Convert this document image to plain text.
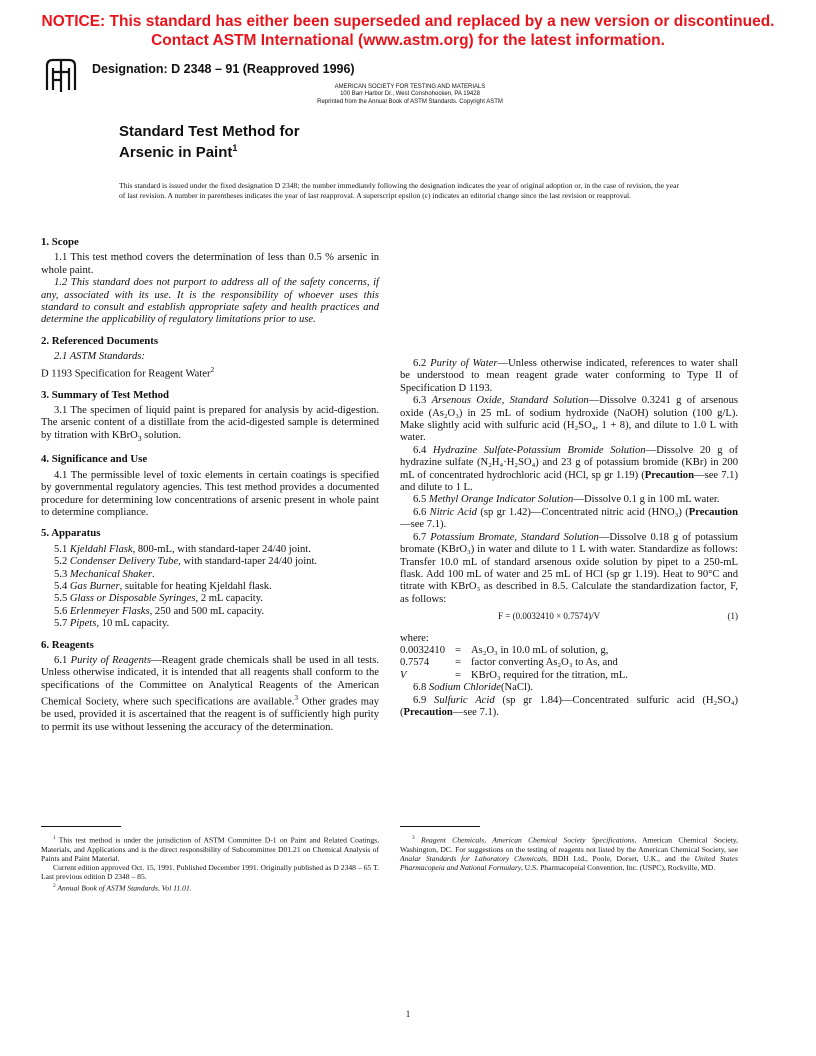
NOTICE: This standard has either been superseded and replaced by a new version or discontinued.
Contact ASTM International (www.astm.org) for the latest information.
Designation: D 2348 – 91 (Reapproved 1996)
AMERICAN SOCIETY FOR TESTING AND MATERIALS
100 Barr Harbor Dr., West Conshohocken, PA 19428
Reprinted from the Annual Book of ASTM Standards. Copyright ASTM
Standard Test Method for
Arsenic in Paint$^1$
This standard is issued under the fixed designation D 2348; the number immediately following the designation indicates the year of original adoption or, in the case of revision, the year of last revision. A number in parentheses indicates the year of last reapproval. A superscript epsilon (ε) indicates an editorial change since the last revision or reapproval.
1. Scope

1.1 This test method covers the determination of less than 0.5 % arsenic in whole paint.

1.2 This standard does not purport to address all of the safety concerns, if any, associated with its use. It is the responsibility of whoever uses this standard to consult and establish appropriate safety and health practices and determine the applicability of regulatory limitations prior to use.

2. Referenced Documents

2.1 ASTM Standards:

D 1193 Specification for Reagent Water$^2$

3. Summary of Test Method

3.1 The specimen of liquid paint is prepared for analysis by acid-digestion. The arsenic content of a distillate from the acid-digested sample is determined by titration with KBrO$_3$ solution.

4. Significance and Use

4.1 The permissible level of toxic elements in certain coatings is specified by governmental regulatory agencies. This test method provides a documented procedure for determining low concentrations of arsenic present in whole paint to determine compliance.

5. Apparatus

5.1 Kjeldahl Flask, 800-mL, with standard-taper 24/40 joint.

5.2 Condenser Delivery Tube, with standard-taper 24/40 joint.

5.3 Mechanical Shaker.

5.4 Gas Burner, suitable for heating Kjeldahl flask.

5.5 Glass or Disposable Syringes, 2 mL capacity.

5.6 Erlenmeyer Flasks, 250 and 500 mL capacity.

5.7 Pipets, 10 mL capacity.

6. Reagents

6.1 Purity of Reagents—Reagent grade chemicals shall be used in all tests. Unless otherwise indicated, it is intended that all reagents shall conform to the specifications of the Committee on Analytical Reagents of the American Chemical Society, where such specifications are available.$^3$ Other grades may be used, provided it is ascertained that the reagent is of sufficiently high purity to permit its use without lessening the accuracy of the determination.

6.2 Purity of Water—Unless otherwise indicated, references to water shall be understood to mean reagent grade water conforming to Type II of Specification D 1193.

6.3 Arsenous Oxide, Standard Solution—Dissolve 0.3241 g of arsenous oxide (As₂O₃) in 25 mL of sodium hydroxide (NaOH) solution (100 g/L). Make slightly acid with sulfuric acid (H₂SO₄, 1 + 8), and dilute to 1.0 L with water.

6.4 Hydrazine Sulfate-Potassium Bromide Solution—Dissolve 20 g of hydrazine sulfate (N₂H₄·H₂SO₄) and 23 g of potassium bromide (KBr) in 200 mL of concentrated hydrochloric acid (HCl, sp gr 1.19) (Precaution—see 7.1) and dilute to 1 L.

6.5 Methyl Orange Indicator Solution—Dissolve 0.1 g in 100 mL water.

6.6 Nitric Acid (sp gr 1.42)—Concentrated nitric acid (HNO₃) (Precaution—see 7.1).

6.7 Potassium Bromate, Standard Solution—Dissolve 0.18 g of potassium bromate (KBrO₃) in water and dilute to 1 L with water. Standardize as follows: Transfer 10.0 mL of standard arsenous oxide solution by pipet to a 250-mL flask. Add 100 mL of water and 25 mL of HCl (sp gr 1.19). Heat to 90°C and titrate with KBrO₃ as described in 8.5. Calculate the standardization factor, F, as follows:

F = (0.0032410 × 0.7574)/V	(1)
where:
0.0032410 = As₂O₃ in 10.0 mL of solution, g,
0.7574	= factor converting As₂O₃ to As, and
V	= KBrO₃ required for the titration, mL.

6.8 Sodium Chloride(NaCl).

6.9 Sulfuric Acid (sp gr 1.84)—Concentrated sulfuric acid (H₂SO₄) (Precaution—see 7.1).

$^1$ This test method is under the jurisdiction of ASTM Committee D-1 on Paint and Related Coatings, Materials, and Applications and is the direct responsibility of Subcommittee D01.21 on Chemical Analysis of Paints and Paint Material.

Current edition approved Oct. 15, 1991. Published December 1991. Originally published as D 2348 – 65 T. Last previous edition D 2348 – 85.

$^2$ Annual Book of ASTM Standards, Vol 11.01.

$^3$ Reagent Chemicals, American Chemical Society Specifications, American Chemical Society, Washington, DC. For suggestions on the testing of reagents not listed by the American Chemical Society, see Analar Standards for Laboratory Chemicals, BDH Ltd., Poole, Dorset, U.K., and the United States Pharmacopeia and National Formulary, U.S. Pharmacopeial Convention, Inc. (USPC), Rockville, MD.

1
